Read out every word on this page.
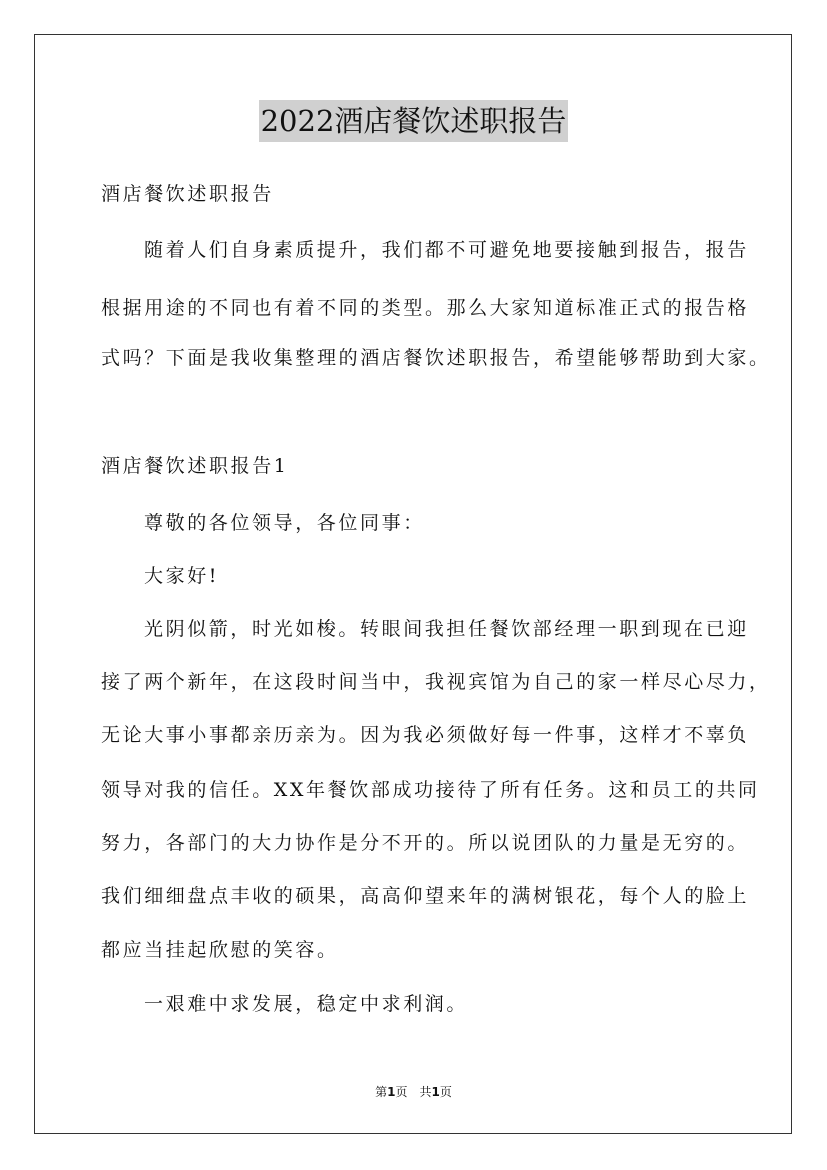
2022酒店餐饮述职报告
酒店餐饮述职报告
随着人们自身素质提升，我们都不可避免地要接触到报告，报告
根据用途的不同也有着不同的类型。那么大家知道标准正式的报告格
式吗？下面是我收集整理的酒店餐饮述职报告，希望能够帮助到大家。
酒店餐饮述职报告1
尊敬的各位领导，各位同事：
大家好!
光阴似箭，时光如梭。转眼间我担任餐饮部经理一职到现在已迎
接了两个新年，在这段时间当中，我视宾馆为自己的家一样尽心尽力，
无论大事小事都亲历亲为。因为我必须做好每一件事，这样才不辜负
领导对我的信任。XX年餐饮部成功接待了所有任务。这和员工的共同
努力，各部门的大力协作是分不开的。所以说团队的力量是无穷的。
我们细细盘点丰收的硕果，高高仰望来年的满树银花，每个人的脸上
都应当挂起欣慰的笑容。
一艰难中求发展，稳定中求利润。
第1页　共1页
